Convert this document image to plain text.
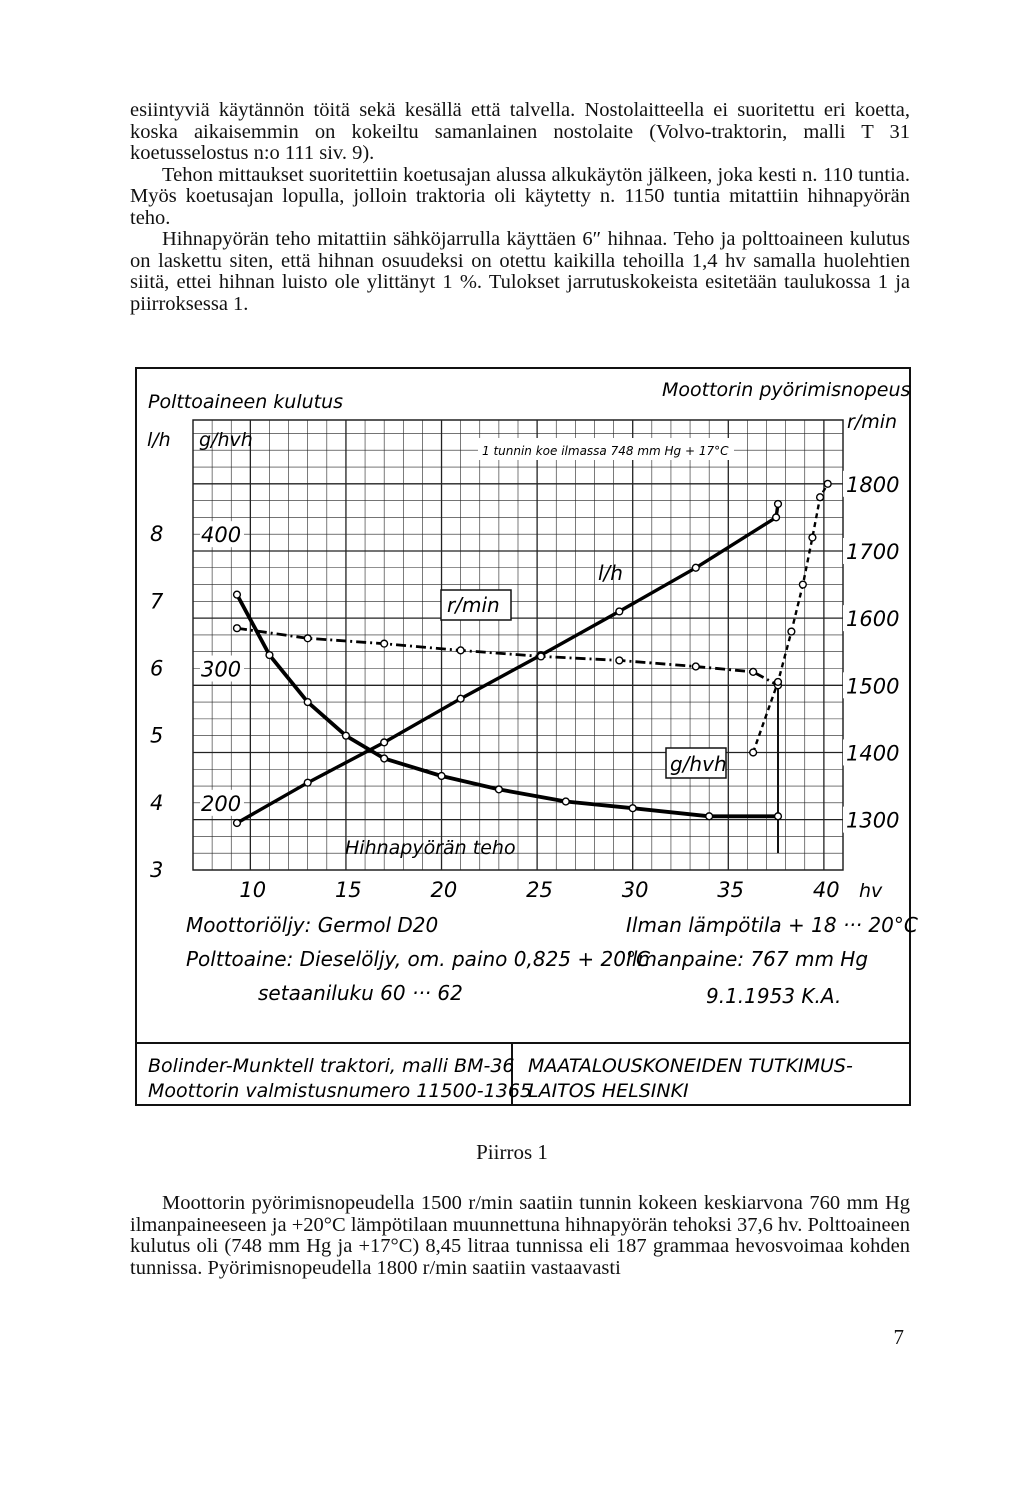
esiintyviä käytännön töitä sekä kesällä että talvella. Nostolaitteella ei suoritettu eri koetta, koska aikaisemmin on kokeiltu samanlainen nostolaite (Volvo-traktorin, malli T 31 koetusselostus n:o 111 siv. 9).

Tehon mittaukset suoritettiin koetusajan alussa alkukäytön jälkeen, joka kesti n. 110 tuntia. Myös koetusajan lopulla, jolloin traktoria oli käytetty n. 1150 tuntia mitattiin hihnapyörän teho.

Hihnapyörän teho mitattiin sähköjarrulla käyttäen 6″ hihnaa. Teho ja polttoaineen kulutus on laskettu siten, että hihnan osuudeksi on otettu kaikilla tehoilla 1,4 hv samalla huolehtien siitä, ettei hihnan luisto ole ylittänyt 1 %. Tulokset jarrutuskokeista esitetään taulukossa 1 ja piirroksessa 1.

10	15	20	25	30	35	40
3
4
5
6
7
8
200
300
400
1300
1400
1500
1600
1700
1800
Polttoaineen kulutus
Moottorin pyörimisnopeus
l/h g/hvh
r/min
Hihnapyörän teho
hv
1 tunnin koe ilmassa 748 mm Hg + 17°C
l/h
r/min
g/hvh
Moottoriöljy: Germol D20
Polttoaine: Dieselöljy, om. paino 0,825 + 20°C
setaaniluku 60 ··· 62
Ilman lämpötila + 18 ··· 20°C
Ilmanpaine: 767 mm Hg
9.1.1953 K.A.
Bolinder-Munktell traktori, malli BM-36
Moottorin valmistusnumero 11500-1365
MAATALOUSKONEIDEN TUTKIMUS-
LAITOS HELSINKI
Piirros 1

Moottorin pyörimisnopeudella 1500 r/min saatiin tunnin kokeen keskiarvona 760 mm Hg ilmanpaineeseen ja +20°C lämpötilaan muunnettuna hihnapyörän tehoksi 37,6 hv. Polttoaineen kulutus oli (748 mm Hg ja +17°C) 8,45 litraa tunnissa eli 187 grammaa hevosvoimaa kohden tunnissa. Pyörimisnopeudella 1800 r/min saatiin vastaavasti

7
